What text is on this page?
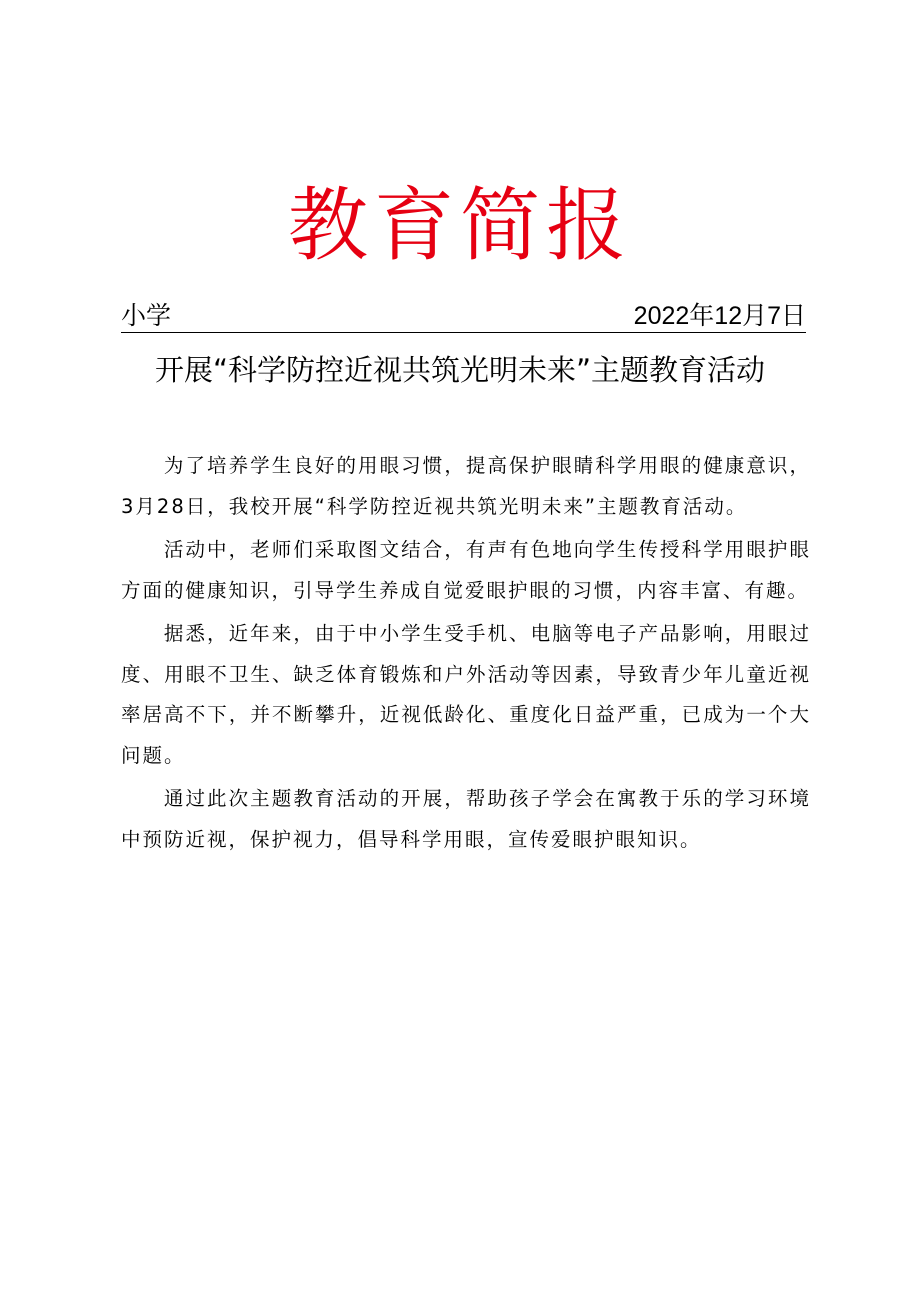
教育简报
小学	2022年12月7日
开展“科学防控近视共筑光明未来”主题教育活动

为了培养学生良好的用眼习惯，提高保护眼睛科学用眼的健康意识，3月28日，我校开展“科学防控近视共筑光明未来”主题教育活动。

活动中，老师们采取图文结合，有声有色地向学生传授科学用眼护眼方面的健康知识，引导学生养成自觉爱眼护眼的习惯，内容丰富、有趣。

据悉，近年来，由于中小学生受手机、电脑等电子产品影响，用眼过度、用眼不卫生、缺乏体育锻炼和户外活动等因素，导致青少年儿童近视率居高不下，并不断攀升，近视低龄化、重度化日益严重，已成为一个大问题。

通过此次主题教育活动的开展，帮助孩子学会在寓教于乐的学习环境中预防近视，保护视力，倡导科学用眼，宣传爱眼护眼知识。
